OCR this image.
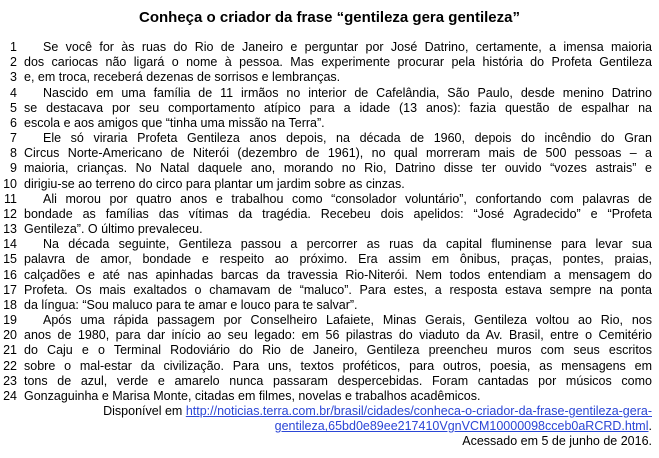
Conheça o criador da frase “gentileza gera gentileza”
1	Se você for às ruas do Rio de Janeiro e perguntar por José Datrino, certamente, a imensa maioria
2 dos cariocas não ligará o nome à pessoa. Mas experimente procurar pela história do Profeta Gentileza
3 e, em troca, receberá dezenas de sorrisos e lembranças.
4	Nascido em uma família de 11 irmãos no interior de Cafelândia, São Paulo, desde menino Datrino
5 se destacava por seu comportamento atípico para a idade (13 anos): fazia questão de espalhar na
6 escola e aos amigos que “tinha uma missão na Terra”.
7	Ele só viraria Profeta Gentileza anos depois, na década de 1960, depois do incêndio do Gran
8 Circus Norte-Americano de Niterói (dezembro de 1961), no qual morreram mais de 500 pessoas – a
9 maioria, crianças. No Natal daquele ano, morando no Rio, Datrino disse ter ouvido “vozes astrais” e
10 dirigiu-se ao terreno do circo para plantar um jardim sobre as cinzas.
11	Ali morou por quatro anos e trabalhou como “consolador voluntário”, confortando com palavras de
12 bondade as famílias das vítimas da tragédia. Recebeu dois apelidos: “José Agradecido” e “Profeta
13 Gentileza”. O último prevaleceu.
14	Na década seguinte, Gentileza passou a percorrer as ruas da capital fluminense para levar sua
15 palavra de amor, bondade e respeito ao próximo. Era assim em ônibus, praças, pontes, praias,
16 calçadões e até nas apinhadas barcas da travessia Rio-Niterói. Nem todos entendiam a mensagem do
17 Profeta. Os mais exaltados o chamavam de “maluco”. Para estes, a resposta estava sempre na ponta
18 da língua: “Sou maluco para te amar e louco para te salvar”.
19	Após uma rápida passagem por Conselheiro Lafaiete, Minas Gerais, Gentileza voltou ao Rio, nos
20 anos de 1980, para dar início ao seu legado: em 56 pilastras do viaduto da Av. Brasil, entre o Cemitério
21 do Caju e o Terminal Rodoviário do Rio de Janeiro, Gentileza preencheu muros com seus escritos
22 sobre o mal-estar da civilização. Para uns, textos proféticos, para outros, poesia, as mensagens em
23 tons de azul, verde e amarelo nunca passaram despercebidas. Foram cantadas por músicos como
24 Gonzaguinha e Marisa Monte, citadas em filmes, novelas e trabalhos acadêmicos.
Disponível em http://noticias.terra.com.br/brasil/cidades/conheca-o-criador-da-frase-gentileza-gera-
gentileza,65bd0e89ee217410VgnVCM10000098cceb0aRCRD.html.
Acessado em 5 de junho de 2016.
